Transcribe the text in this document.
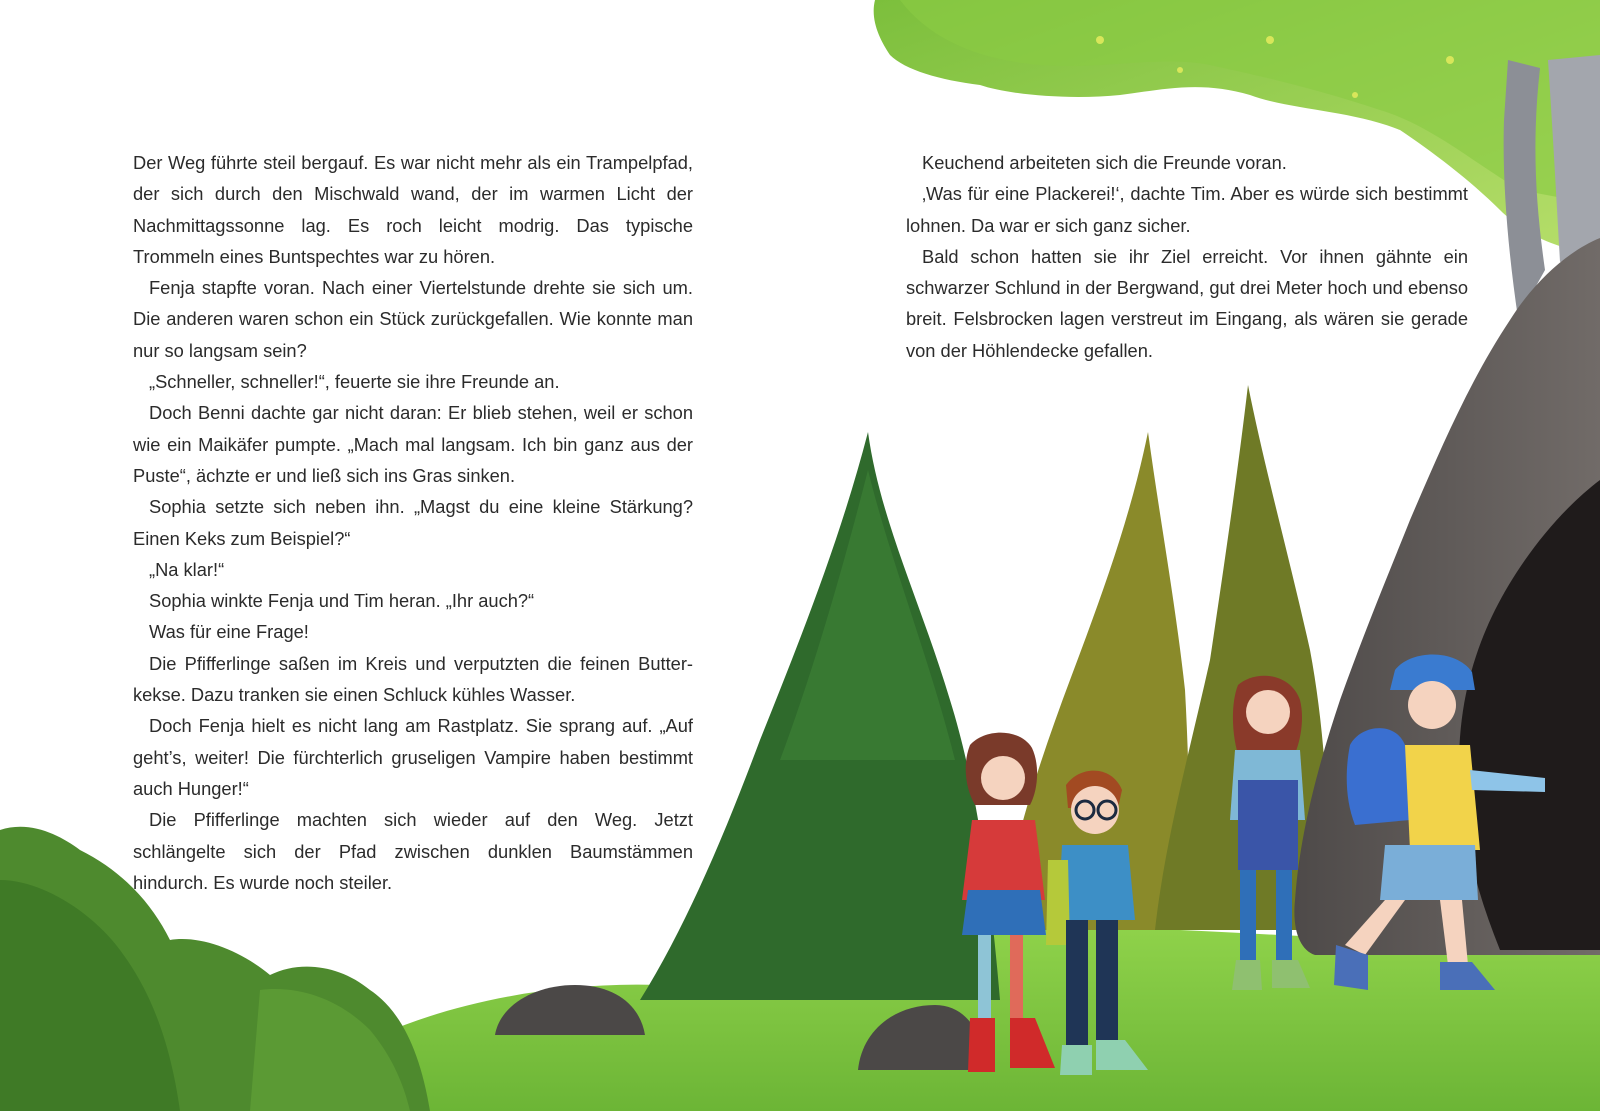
Der Weg führte steil bergauf. Es war nicht mehr als ein Trampelpfad, der sich durch den Mischwald wand, der im warmen Licht der Nachmittagssonne lag. Es roch leicht modrig. Das typische Trommeln eines Buntspechtes war zu hören.

Fenja stapfte voran. Nach einer Viertelstunde drehte sie sich um. Die anderen waren schon ein Stück zurückgefallen. Wie konnte man nur so langsam sein?

„Schneller, schneller!“, feuerte sie ihre Freunde an.

Doch Benni dachte gar nicht daran: Er blieb stehen, weil er schon wie ein Maikäfer pumpte. „Mach mal langsam. Ich bin ganz aus der Puste“, ächzte er und ließ sich ins Gras sinken.

Sophia setzte sich neben ihn. „Magst du eine kleine Stärkung? Einen Keks zum Beispiel?“

„Na klar!“

Sophia winkte Fenja und Tim heran. „Ihr auch?“

Was für eine Frage!

Die Pfifferlinge saßen im Kreis und verputzten die feinen Butterkekse. Dazu tranken sie einen Schluck kühles Wasser.

Doch Fenja hielt es nicht lang am Rastplatz. Sie sprang auf. „Auf geht’s, weiter! Die fürchterlich gruseligen Vampire haben bestimmt auch Hunger!“

Die Pfifferlinge machten sich wieder auf den Weg. Jetzt schlängelte sich der Pfad zwischen dunklen Baumstämmen hindurch. Es wurde noch steiler.

Keuchend arbeiteten sich die Freunde voran.

‚Was für eine Plackerei!‘, dachte Tim. Aber es würde sich bestimmt lohnen. Da war er sich ganz sicher.

Bald schon hatten sie ihr Ziel erreicht. Vor ihnen gähnte ein schwarzer Schlund in der Bergwand, gut drei Meter hoch und ebenso breit. Felsbrocken lagen verstreut im Eingang, als wären sie gerade von der Höhlendecke gefallen.
